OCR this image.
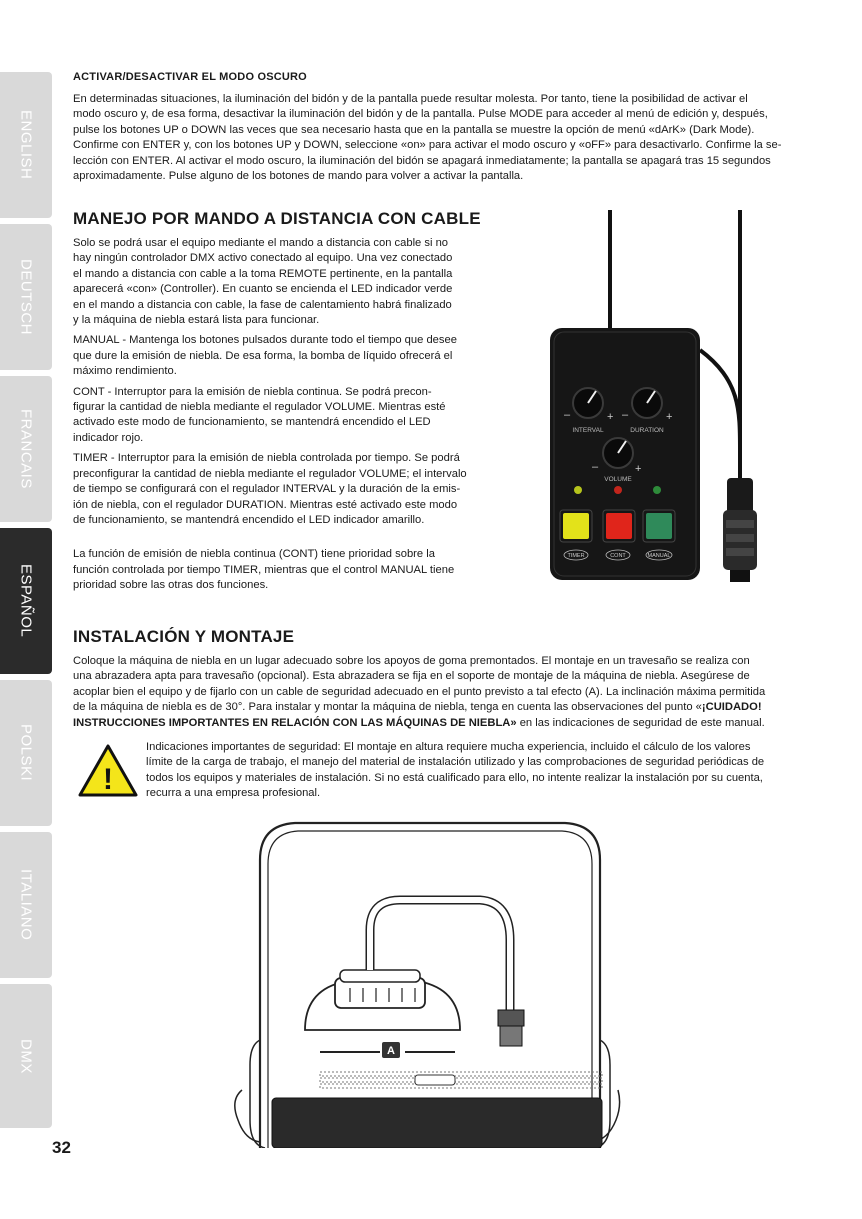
ENGLISH
DEUTSCH
FRANCAIS
ESPAÑOL
POLSKI
ITALIANO
DMX
32
ACTIVAR/DESACTIVAR EL MODO OSCURO

En determinadas situaciones, la iluminación del bidón y de la pantalla puede resultar molesta. Por tanto, tiene la posibilidad de activar el

modo oscuro y, de esa forma, desactivar la iluminación del bidón y de la pantalla. Pulse MODE para acceder al menú de edición y, después,

pulse los botones UP o DOWN las veces que sea necesario hasta que en la pantalla se muestre la opción de menú «dArK» (Dark Mode).

Confirme con ENTER y, con los botones UP y DOWN, seleccione «on» para activar el modo oscuro y «oFF» para desactivarlo. Confirme la se-

lección con ENTER. Al activar el modo oscuro, la iluminación del bidón se apagará inmediatamente; la pantalla se apagará tras 15 segundos

aproximadamente. Pulse alguno de los botones de mando para volver a activar la pantalla.

MANEJO POR MANDO A DISTANCIA CON CABLE

Solo se podrá usar el equipo mediante el mando a distancia con cable si no

hay ningún controlador DMX activo conectado al equipo. Una vez conectado

el mando a distancia con cable a la toma REMOTE pertinente, en la pantalla

aparecerá «con» (Controller). En cuanto se encienda el LED indicador verde

en el mando a distancia con cable, la fase de calentamiento habrá finalizado

y la máquina de niebla estará lista para funcionar.

MANUAL - Mantenga los botones pulsados durante todo el tiempo que desee

que dure la emisión de niebla. De esa forma, la bomba de líquido ofrecerá el

máximo rendimiento.

CONT - Interruptor para la emisión de niebla continua. Se podrá precon-

figurar la cantidad de niebla mediante el regulador VOLUME. Mientras esté

activado este modo de funcionamiento, se mantendrá encendido el LED

indicador rojo.

TIMER - Interruptor para la emisión de niebla controlada por tiempo. Se podrá

preconfigurar la cantidad de niebla mediante el regulador VOLUME; el intervalo

de tiempo se configurará con el regulador INTERVAL y la duración de la emis-

ión de niebla, con el regulador DURATION. Mientras esté activado este modo

de funcionamiento, se mantendrá encendido el LED indicador amarillo.

La función de emisión de niebla continua (CONT) tiene prioridad sobre la

función controlada por tiempo TIMER, mientras que el control MANUAL tiene

prioridad sobre las otras dos funciones.

–	+ –	+
–	+
INTERVAL	DURATION
VOLUME
TIMER	CONT	MANUAL
INSTALACIÓN Y MONTAJE

Coloque la máquina de niebla en un lugar adecuado sobre los apoyos de goma premontados. El montaje en un travesaño se realiza con

una abrazadera apta para travesaño (opcional). Esta abrazadera se fija en el soporte de montaje de la máquina de niebla. Asegúrese de

acoplar bien el equipo y de fijarlo con un cable de seguridad adecuado en el punto previsto a tal efecto (A). La inclinación máxima permitida

de la máquina de niebla es de 30°. Para instalar y montar la máquina de niebla, tenga en cuenta las observaciones del punto «¡CUIDADO!

INSTRUCCIONES IMPORTANTES EN RELACIÓN CON LAS MÁQUINAS DE NIEBLA» en las indicaciones de seguridad de este manual.

!

Indicaciones importantes de seguridad: El montaje en altura requiere mucha experiencia, incluido el cálculo de los valores

límite de la carga de trabajo, el manejo del material de instalación utilizado y las comprobaciones de seguridad periódicas de

todos los equipos y materiales de instalación. Si no está cualificado para ello, no intente realizar la instalación por su cuenta,

recurra a una empresa profesional.

A
